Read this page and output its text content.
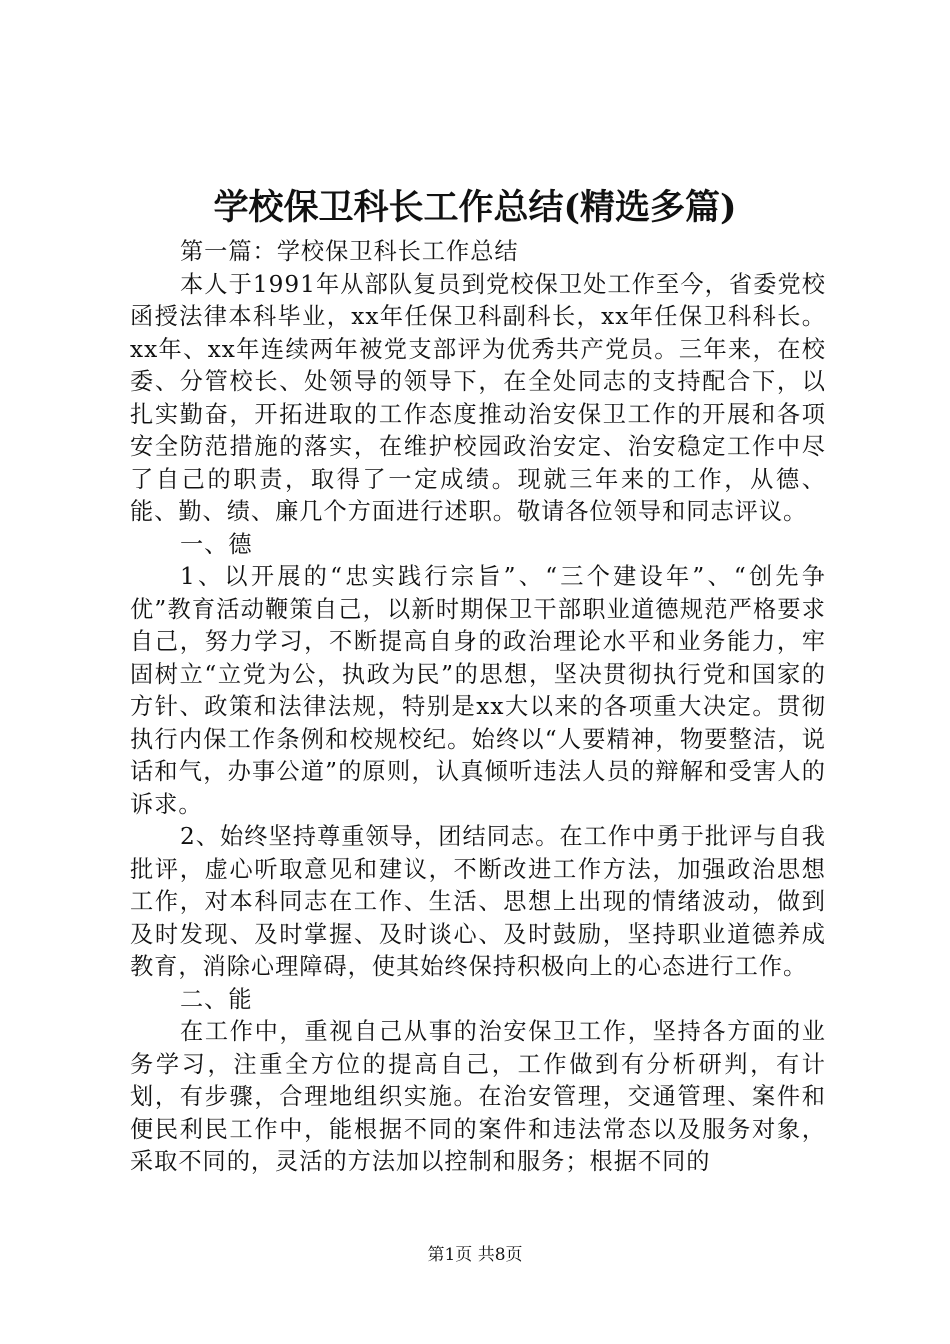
学校保卫科长工作总结(精选多篇)

第一篇：学校保卫科长工作总结

本人于1991年从部队复员到党校保卫处工作至今，省委党校函授法律本科毕业，xx年任保卫科副科长，xx年任保卫科科长。xx年、xx年连续两年被党支部评为优秀共产党员。三年来，在校委、分管校长、处领导的领导下，在全处同志的支持配合下，以扎实勤奋，开拓进取的工作态度推动治安保卫工作的开展和各项安全防范措施的落实，在维护校园政治安定、治安稳定工作中尽了自己的职责，取得了一定成绩。现就三年来的工作，从德、能、勤、绩、廉几个方面进行述职。敬请各位领导和同志评议。

一、德

1、以开展的“忠实践行宗旨”、“三个建设年”、“创先争优”教育活动鞭策自己，以新时期保卫干部职业道德规范严格要求自己，努力学习，不断提高自身的政治理论水平和业务能力，牢固树立“立党为公，执政为民”的思想，坚决贯彻执行党和国家的方针、政策和法律法规，特别是xx大以来的各项重大决定。贯彻执行内保工作条例和校规校纪。始终以“人要精神，物要整洁，说话和气，办事公道”的原则，认真倾听违法人员的辩解和受害人的诉求。

2、始终坚持尊重领导，团结同志。在工作中勇于批评与自我批评，虚心听取意见和建议，不断改进工作方法，加强政治思想工作，对本科同志在工作、生活、思想上出现的情绪波动，做到及时发现、及时掌握、及时谈心、及时鼓励，坚持职业道德养成教育，消除心理障碍，使其始终保持积极向上的心态进行工作。

二、能

在工作中，重视自己从事的治安保卫工作，坚持各方面的业务学习，注重全方位的提高自己，工作做到有分析研判，有计划，有步骤，合理地组织实施。在治安管理，交通管理、案件和便民利民工作中，能根据不同的案件和违法常态以及服务对象，采取不同的，灵活的方法加以控制和服务；根据不同的

第1页 共8页
